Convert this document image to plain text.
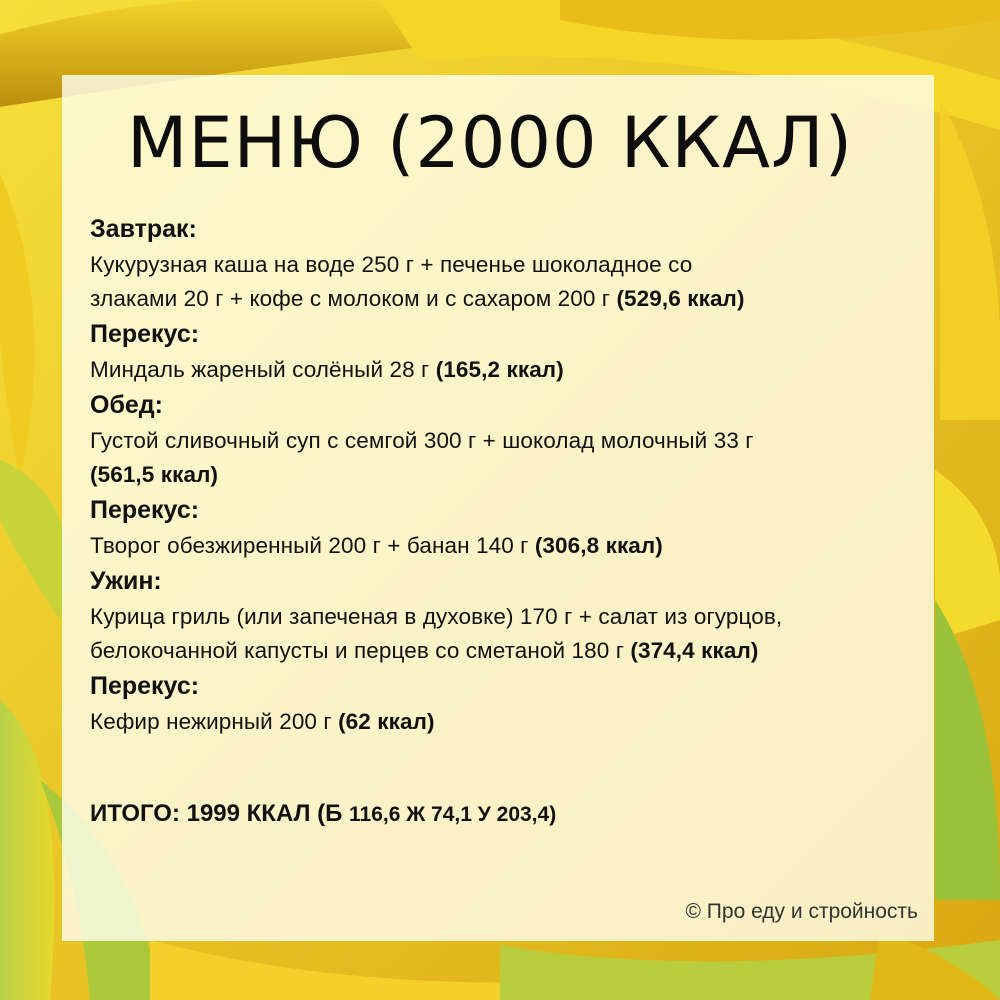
МЕНЮ (2000 ККАЛ)
Завтрак:
Кукурузная каша на воде 250 г + печенье шоколадное со
злаками 20 г + кофе с молоком и с сахаром 200 г (529,6 ккал)
Перекус:
Миндаль жареный солёный 28 г (165,2 ккал)
Обед:
Густой сливочный суп с семгой 300 г + шоколад молочный 33 г
(561,5 ккал)
Перекус:
Творог обезжиренный 200 г + банан 140 г (306,8 ккал)
Ужин:
Курица гриль (или запеченая в духовке) 170 г + салат из огурцов,
белокочанной капусты и перцев со сметаной 180 г (374,4 ккал)
Перекус:
Кефир нежирный 200 г (62 ккал)
ИТОГО: 1999 ККАЛ (Б 116,6 Ж 74,1 У 203,4)
© Про еду и стройность
